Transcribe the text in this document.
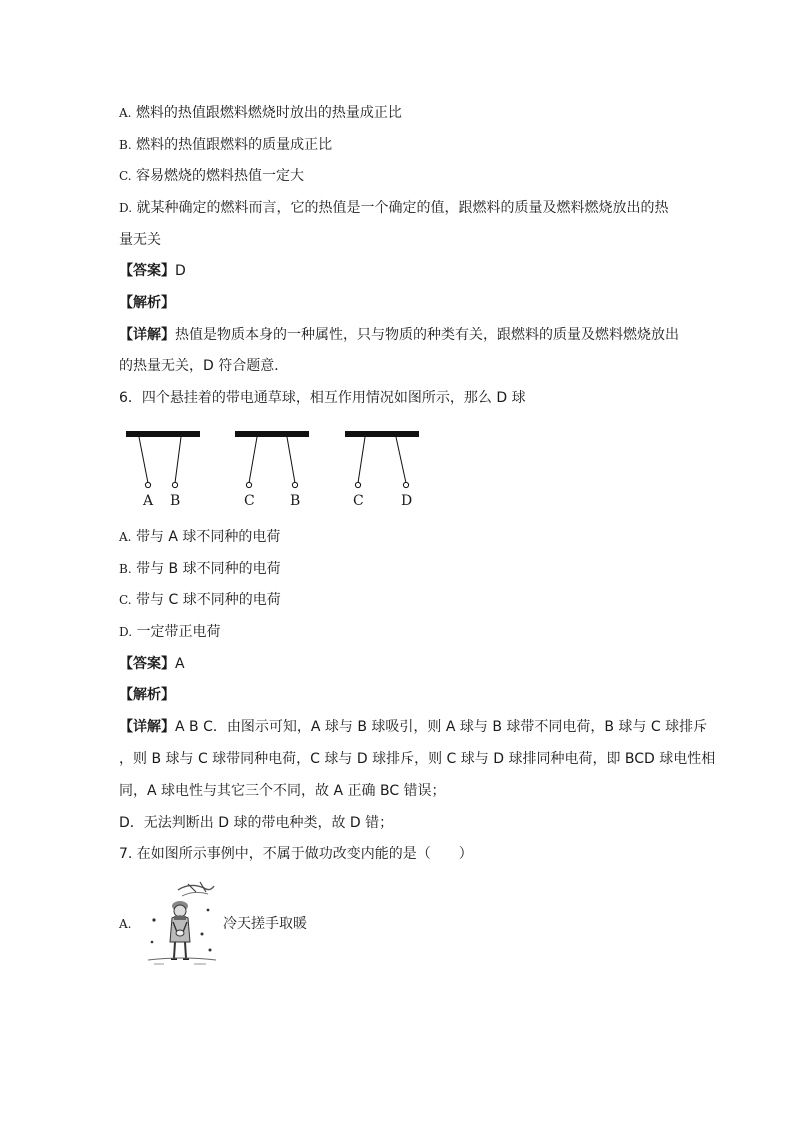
A. 燃料的热值跟燃料燃烧时放出的热量成正比
B. 燃料的热值跟燃料的质量成正比
C. 容易燃烧的燃料热值一定大
D. 就某种确定的燃料而言，它的热值是一个确定的值，跟燃料的质量及燃料燃烧放出的热
量无关
【答案】D
【解析】
【详解】热值是物质本身的一种属性，只与物质的种类有关，跟燃料的质量及燃料燃烧放出
的热量无关，D 符合题意．
6．四个悬挂着的带电通草球，相互作用情况如图所示，那么 D 球
A B	C	B	C	D
A. 带与 A 球不同种的电荷
B. 带与 B 球不同种的电荷
C. 带与 C 球不同种的电荷
D. 一定带正电荷
【答案】A
【解析】
【详解】A B C．由图示可知，A 球与 B 球吸引，则 A 球与 B 球带不同电荷，B 球与 C 球排斥
，则 B 球与 C 球带同种电荷，C 球与 D 球排斥，则 C 球与 D 球排同种电荷，即 BCD 球电性相
同，A 球电性与其它三个不同，故 A 正确 BC 错误；
D．无法判断出 D 球的带电种类，故 D 错；
7. 在如图所示事例中，不属于做功改变内能的是（　　）
A.	冷天搓手取暖
